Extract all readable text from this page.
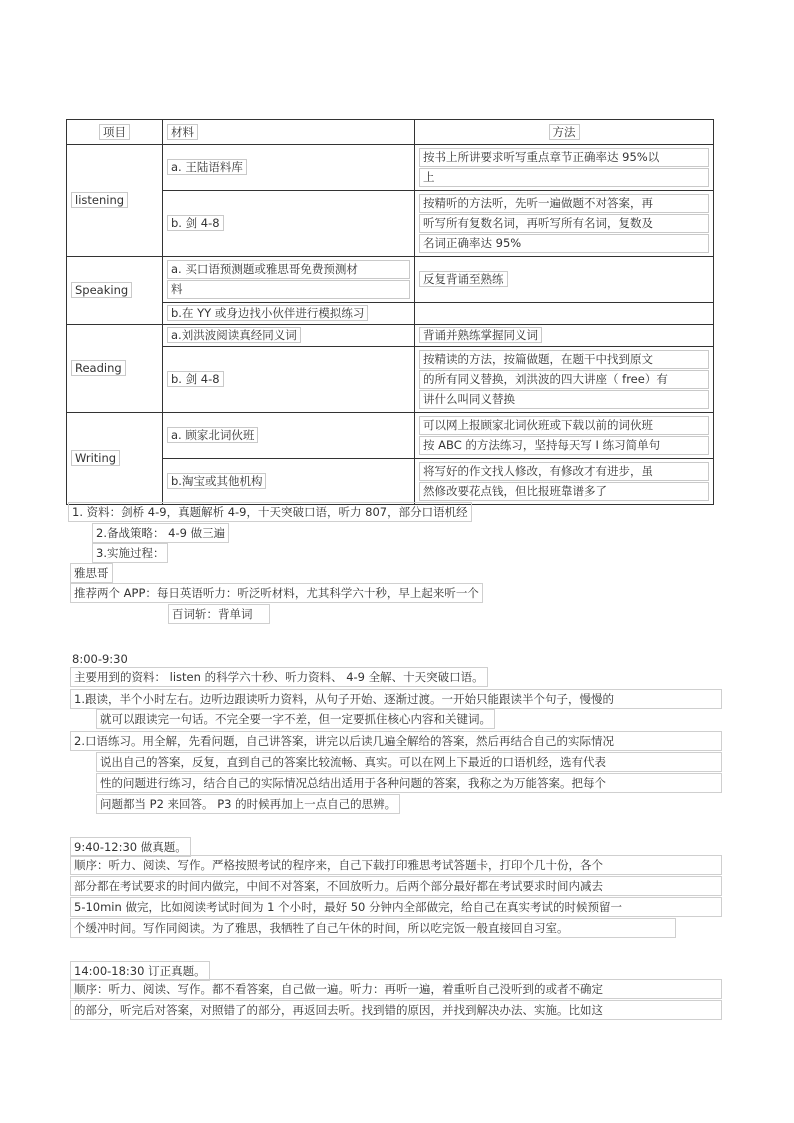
项目	材料	方法
listening	a. 王陆语料库	按书上所讲要求听写重点章节正确率达 95%以
上

	b. 剑 4-8	按精听的方法听，先听一遍做题不对答案，再
听写所有复数名词，再听写所有名词，复数及
名词正确率达 95%

Speaking	a. 买口语预测题或雅思哥免费预测材
料	反复背诵至熟练
	b.在 YY 或身边找小伙伴进行模拟练习	
Reading	a.刘洪波阅读真经同义词	背诵并熟练掌握同义词
	b. 剑 4-8	按精读的方法，按篇做题，在题干中找到原文
的所有同义替换，刘洪波的四大讲座（ free）有
讲什么叫同义替换

Writing	a. 顾家北词伙班	可以网上报顾家北词伙班或下载以前的词伙班
按 ABC 的方法练习，坚持每天写 I 练习简单句

	b.淘宝或其他机构	将写好的作文找人修改，有修改才有进步，虽
然修改要花点钱，但比报班靠谱多了
1. 资料：剑桥 4-9，真题解析 4-9，十天突破口语，听力 807，部分口语机经
2.备战策略： 4-9 做三遍
3.实施过程：
雅思哥
推荐两个 APP：每日英语听力：听泛听材料，尤其科学六十秒，早上起来听一个
百词斩：背单词
8:00-9:30
主要用到的资料： listen 的科学六十秒、听力资料、 4-9 全解、十天突破口语。
1.跟读，半个小时左右。边听边跟读听力资料，从句子开始、逐渐过渡。一开始只能跟读半个句子，慢慢的
就可以跟读完一句话。不完全要一字不差，但一定要抓住核心内容和关键词。
2.口语练习。用全解，先看问题，自己讲答案，讲完以后读几遍全解给的答案，然后再结合自己的实际情况
说出自己的答案，反复，直到自己的答案比较流畅、真实。可以在网上下最近的口语机经，选有代表
性的问题进行练习，结合自己的实际情况总结出适用于各种问题的答案，我称之为万能答案。把每个
问题都当 P2 来回答。 P3 的时候再加上一点自己的思辨。
9:40-12:30 做真题。
顺序：听力、阅读、写作。严格按照考试的程序来，自己下载打印雅思考试答题卡，打印个几十份，各个
部分都在考试要求的时间内做完，中间不对答案，不回放听力。后两个部分最好都在考试要求时间内减去
5-10min 做完，比如阅读考试时间为 1 个小时，最好 50 分钟内全部做完，给自己在真实考试的时候预留一
个缓冲时间。写作同阅读。为了雅思，我牺牲了自己午休的时间，所以吃完饭一般直接回自习室。
14:00-18:30 订正真题。
顺序：听力、阅读、写作。都不看答案，自己做一遍。听力：再听一遍，着重听自己没听到的或者不确定
的部分，听完后对答案，对照错了的部分，再返回去听。找到错的原因，并找到解决办法、实施。比如这
